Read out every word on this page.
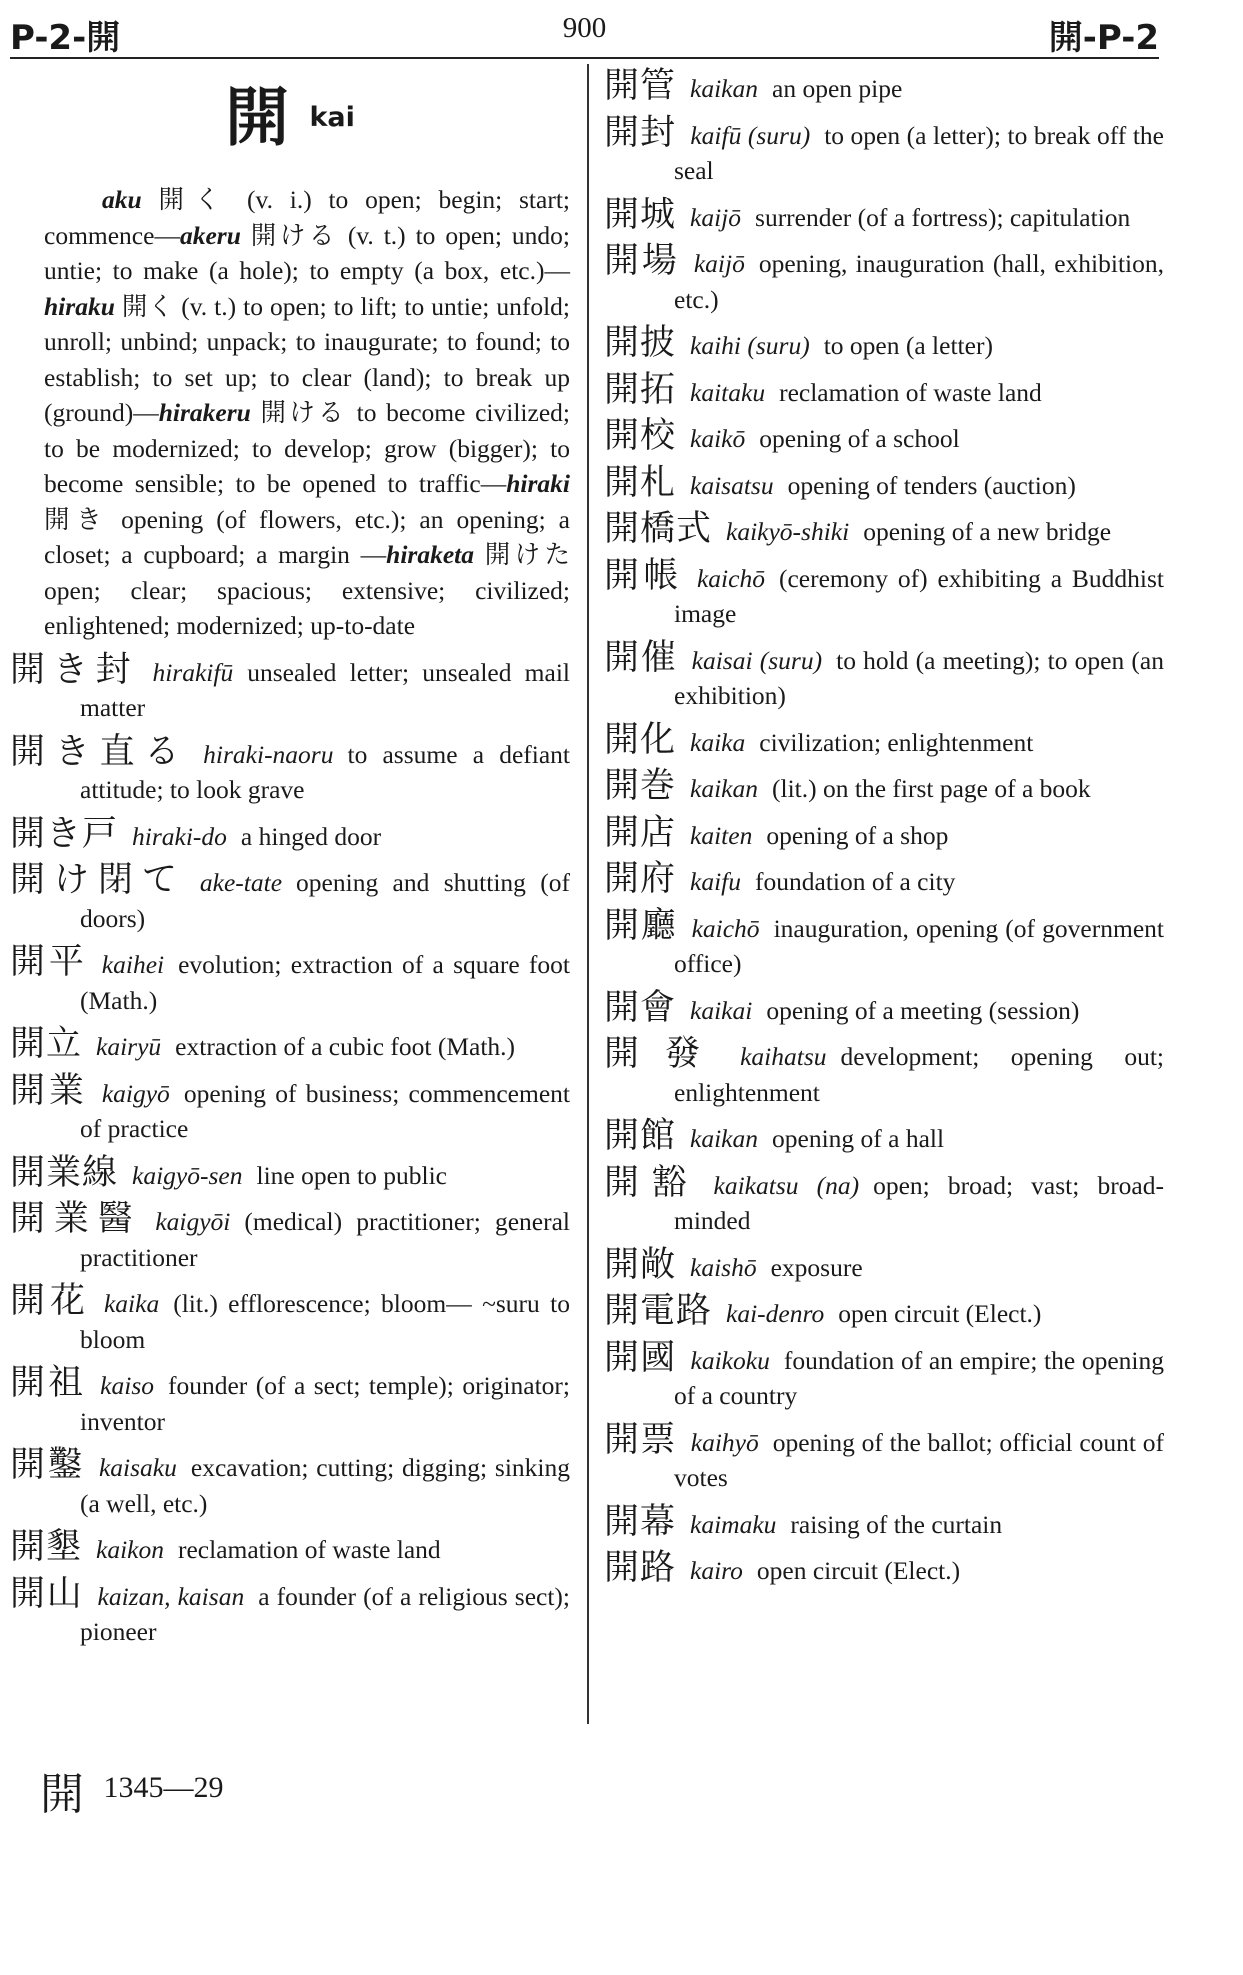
P-2-開	900	開-P-2
開 kai
aku 開く (v. i.) to open; begin; start; commence—akeru 開ける (v. t.) to open; undo; untie; to make (a hole); to empty (a box, etc.)—hiraku 開く (v. t.) to open; to lift; to untie; unfold; unroll; unbind; unpack; to inaugurate; to found; to establish; to set up; to clear (land); to break up (ground)—hirakeru 開ける to become civilized; to be modernized; to develop; grow (bigger); to become sensible; to be opened to traffic—hiraki 開き opening (of flowers, etc.); an opening; a closet; a cupboard; a margin —hiraketa 開けた open; clear; spacious; extensive; civilized; enlightened; modernized; up-to-date
開き封 hirakifū unsealed letter; unsealed mail matter
開き直る hiraki-naoru to assume a defiant attitude; to look grave
開き戸 hiraki-do a hinged door
開け閉て ake-tate opening and shutting (of doors)
開平 kaihei evolution; extraction of a square foot (Math.)
開立 kairyū extraction of a cubic foot (Math.)
開業 kaigyō opening of business; commencement of practice
開業線 kaigyō-sen line open to public
開業醫 kaigyōi (medical) practitioner; general practitioner
開花 kaika (lit.) efflorescence; bloom— ~suru to bloom
開祖 kaiso founder (of a sect; temple); originator; inventor
開鑿 kaisaku excavation; cutting; digging; sinking (a well, etc.)
開墾 kaikon reclamation of waste land
開山 kaizan, kaisan a founder (of a religious sect); pioneer
開管 kaikan an open pipe
開封 kaifū (suru) to open (a letter); to break off the seal
開城 kaijō surrender (of a fortress); capitulation
開場 kaijō opening, inauguration (hall, exhibition, etc.)
開披 kaihi (suru) to open (a letter)
開拓 kaitaku reclamation of waste land
開校 kaikō opening of a school
開札 kaisatsu opening of tenders (auction)
開橋式 kaikyō-shiki opening of a new bridge
開帳 kaichō (ceremony of) exhibiting a Buddhist image
開催 kaisai (suru) to hold (a meeting); to open (an exhibition)
開化 kaika civilization; enlightenment
開巻 kaikan (lit.) on the first page of a book
開店 kaiten opening of a shop
開府 kaifu foundation of a city
開廳 kaichō inauguration, opening (of government office)
開會 kaikai opening of a meeting (session)
開發 kaihatsu development; opening out; enlightenment
開館 kaikan opening of a hall
開豁 kaikatsu (na) open; broad; vast; broad-minded
開敞 kaishō exposure
開電路 kai-denro open circuit (Elect.)
開國 kaikoku foundation of an empire; the opening of a country
開票 kaihyō opening of the ballot; official count of votes
開幕 kaimaku raising of the curtain
開路 kairo open circuit (Elect.)
開 1345—29
